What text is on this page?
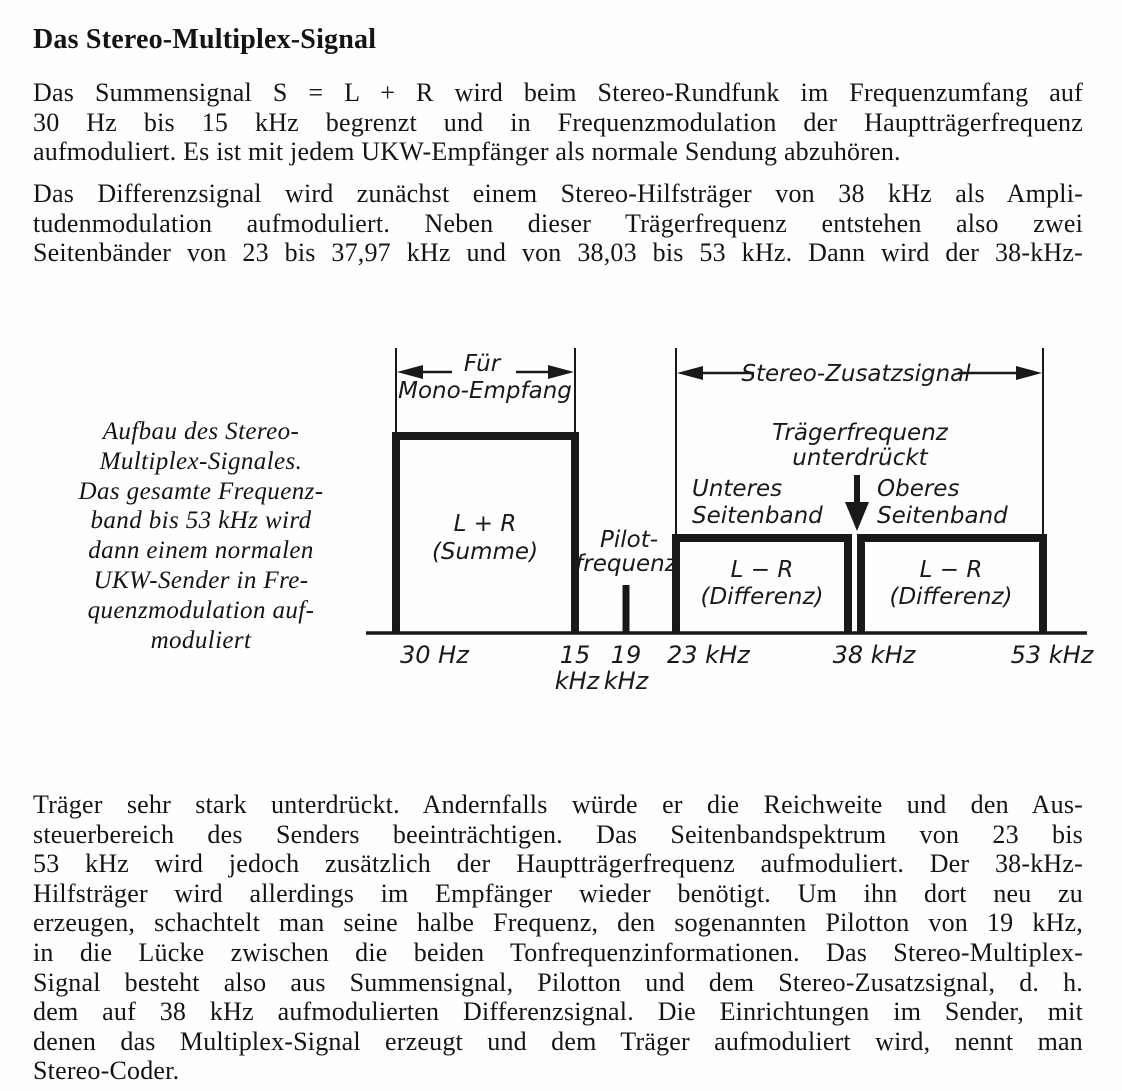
Das Stereo-Multiplex-Signal
Das Summensignal S = L + R wird beim Stereo-Rundfunk im Frequenzumfang auf
30 Hz bis 15 kHz begrenzt und in Frequenzmodulation der Hauptträgerfrequenz
aufmoduliert. Es ist mit jedem UKW-Empfänger als normale Sendung abzuhören.
Das Differenzsignal wird zunächst einem Stereo-Hilfsträger von 38 kHz als Ampli-
tudenmodulation aufmoduliert. Neben dieser Trägerfrequenz entstehen also zwei
Seitenbänder von 23 bis 37,97 kHz und von 38,03 bis 53 kHz. Dann wird der 38-kHz-
Aufbau des Stereo-
Multiplex-Signales.
Das gesamte Frequenz-
band bis 53 kHz wird
dann einem normalen
UKW-Sender in Fre-
quenzmodulation auf-
moduliert
Für
Mono-Empfang
Stereo-Zusatzsignal
Trägerfrequenz
unterdrückt
Unteres
Seitenband
Oberes
Seitenband
Pilot-
frequenz
L + R
(Summe)
L − R
(Differenz)
L − R
(Differenz)
30 Hz	15
kHz
19
kHz
23 kHz	38 kHz	53 kHz
Träger sehr stark unterdrückt. Andernfalls würde er die Reichweite und den Aus-
steuerbereich des Senders beeinträchtigen. Das Seitenbandspektrum von 23 bis
53 kHz wird jedoch zusätzlich der Hauptträgerfrequenz aufmoduliert. Der 38-kHz-
Hilfsträger wird allerdings im Empfänger wieder benötigt. Um ihn dort neu zu
erzeugen, schachtelt man seine halbe Frequenz, den sogenannten Pilotton von 19 kHz,
in die Lücke zwischen die beiden Tonfrequenzinformationen. Das Stereo-Multiplex-
Signal besteht also aus Summensignal, Pilotton und dem Stereo-Zusatzsignal, d. h.
dem auf 38 kHz aufmodulierten Differenzsignal. Die Einrichtungen im Sender, mit
denen das Multiplex-Signal erzeugt und dem Träger aufmoduliert wird, nennt man
Stereo-Coder.
